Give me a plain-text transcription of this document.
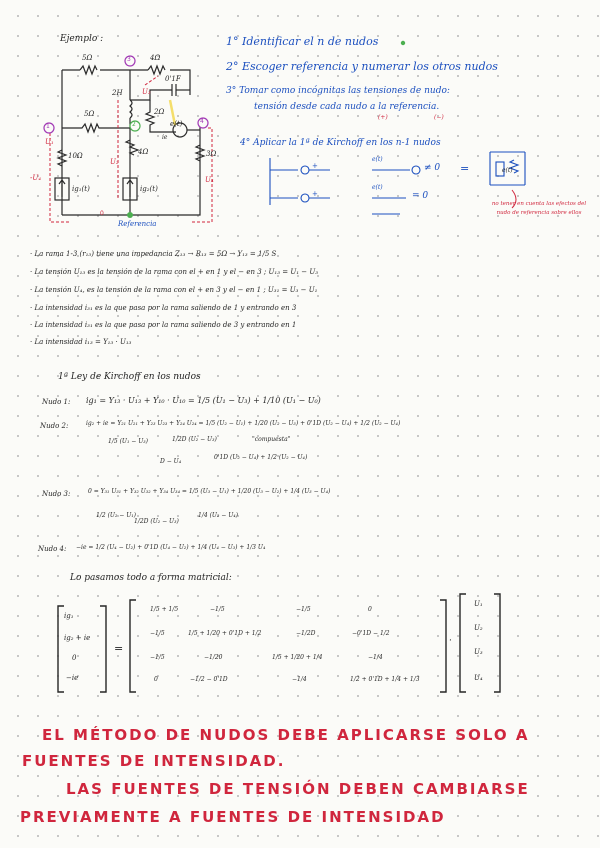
Ejemplo :
5Ω	4Ω
5Ω
10Ω	4Ω	3Ω
2Ω
2H
0'1F
ig₁(t)	ig₂(t)
e(t)
1
3
2	4
0
-U₄
U₂
U₄
U₃
U₁
Referencia
ie
1° Identificar el n de nudos
2° Escoger referencia y numerar los otros nudos
3° Tomar como incógnitas las tensiones de nudo:
tensión desde cada nudo a la referencia.
(+)	(−)
4° Aplicar la 1ª de Kirchoff en los n-1 nudos
+
e(t)
≠ 0 =
+
e(t)
= 0
e(t)
no tener en cuenta las efectos del nudo de referencia sobre ellos
· La rama 1-3 (r₁₃) tiene una impedancia Z₁₃ → R₁₃ = 5Ω → Y₁₃ = 1/5 S
· La tensión U₁₃ es la tensión de la rama con el + en 1 y el − en 3 ; U₁₃ = U₁ − U₃
· La tensión U₄, es la tensión de la rama con el + en 3 y el − en 1 ; U₃₁ = U₃ − U₁
· La intensidad i₃₁ es la que pasa por la rama saliendo de 1 y entrando en 3
· La intensidad i₃₁ es la que pasa por la rama saliendo de 3 y entrando en 1
· La intensidad i₁₃ = Y₁₃ · U₁₃
1ª Ley de Kirchoff en los nudos
Nudo 1: ig₁ = Y₁₃ · U₁₃ + Y₁₀ · U₁₀ = 1/5 (U₁ − U₃) + 1/10 (U₁ − U₀)
Nudo 2:	ig₂ + ie = Y₂₁ U₂₁ + Y₂₃ U₂₃ + Y₂₄ U₂₄ = 1/5 (U₂ − U₁) + 1/20 (U₂ − U₃) + 0'1D (U₂ − U₄) + 1/2 (U₂ − U₄)
1/5 (U₁ − U₃)	1/2D (U₂ − U₃)	"compuesta"
D − U₄
0'1D (U₂ − U₄) + 1/2 (U₂ − U₄)
Nudo 3:	0 = Y₃₁ U₃₁ + Y₃₂ U₃₂ + Y₃₄ U₃₄ = 1/5 (U₃ − U₁) + 1/20 (U₃ − U₂) + 1/4 (U₃ − U₄)
1/2 (U₂ − U₁)
1/2D (U₂ − U₃)
1/4 (U₂ − U₄)
Nudo 4: −ie = 1/2 (U₄ − U₂) + 0'1D (U₄ − U₂) + 1/4 (U₄ − U₃) + 1/3 U₄
Lo pasamos todo a forma matricial:
ig₁
ig₂ + ie
0
−ie
=
1/5 + 1/5	−1/5	−1/5	0
−1/5	1/5 + 1/20 + 0'1D + 1/2	−1/2D	−0'1D − 1/2
−1/5	−1/20	1/5 + 1/20 + 1/4	−1/4
0	−1/2 − 0'1D	−1/4	1/2 + 0'1D + 1/4 + 1/3
·
U₁
U₂
U₃
U₄
EL MÉTODO DE NUDOS DEBE APLICARSE SOLO A
FUENTES DE INTENSIDAD.
LAS FUENTES DE TENSIÓN DEBEN CAMBIARSE
PREVIAMENTE A FUENTES DE INTENSIDAD
